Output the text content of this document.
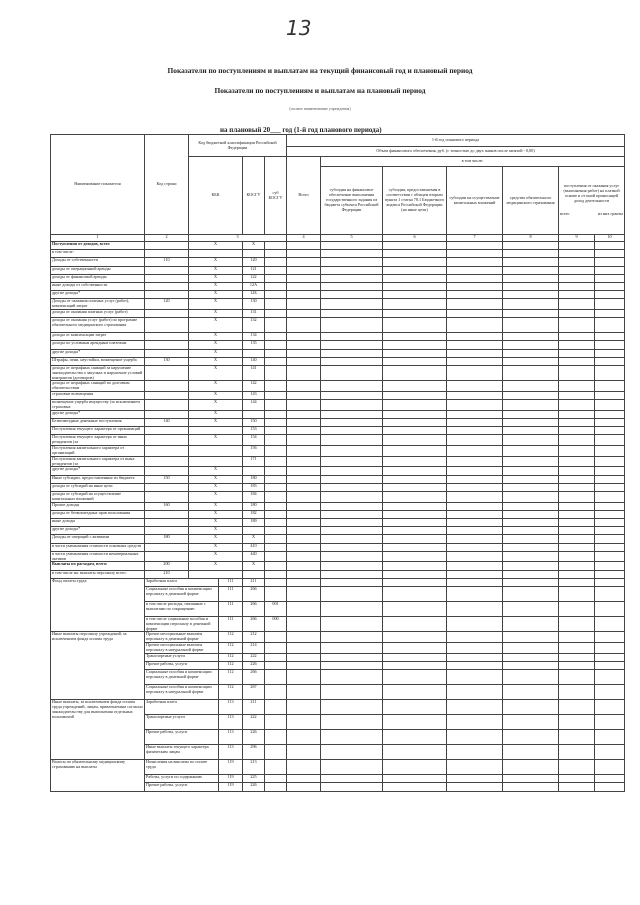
13
Показатели по поступлениям и выплатам на текущий финансовый год и плановый период
Показатели по поступлениям и выплатам на плановый период
(полное наименование учреждения)
на плановый 20___ год (1-й год планового периода)
Наименование показателя	Код строки	Код бюджетной классификации Российской Федерации				1-й год планового периода						
						Объем финансового обеспечения, руб. (с точностью до двух знаков после запятой - 0,00)						
		КБК		КОСГУ	суб КОСГУ	Всего	в том числе:					
							субсидия на финансовое обеспечение выполнения государственного задания из бюджета субъекта Российской Федерации	субсидия, предоставляемая в соответствии с абзацем вторым пункта 1 статьи 78.1 Бюджетного кодекса Российской Федерации (на иные цели)	субсидии на осуществление капитальных вложений	средства обязательного медицинского страхования	поступления от оказания услуг (выполнения работ) на платной основе и от иной приносящей доход деятельности
всего из них гранты	

1	2	3				4	5	6	7	8	9	10
Поступления от доходов, всего		X		X								
в том числе:												
Доходы от собственности	110	X		120								
доходы от операционной аренды		X		121								
доходы от финансовой аренды		X		122								
иные доходы от собственности		X		12А								
другие доходы*		X		12Б								
Доходы от оказания платных услуг (работ), компенсаций затрат	120	X		130								
доходы от оказания платных услуг (работ)		X		131								
доходы от оказания услуг (работ) по программе обязательного медицинского страхования		X		132								
доходы от компенсации затрат		X		134								
доходы по условным арендным платежам		X		135								
другие доходы*		X										
Штрафы, пени, неустойки, возмещение ущерба	130	X		140								
доходы от штрафных санкций за нарушение законодательства о закупках и нарушение условий контрактов (договоров)		X		141								
доходы от штрафных санкций по долговым обязательствам		X		142								
страховые возмещения		X		143								
возмещение ущерба имуществу (за исключением страховых		X		144								
другие доходы*		X										
Безвозмездные денежные поступления	140	X		150								
Поступления текущего характера от организаций				153								
Поступления текущего характера от иных резидентов (за		X		154								
Поступления капитального характера от организаций				156								
Поступления капитального характера от иных резидентов (за				171								
другие доходы*		X										
Иные субсидии, предоставленные из бюджета	150	X		180								
доходы от субсидий на иные цели		X		183								
доходы от субсидий на осуществление капитальных вложений		X		184								
Прочие доходы	160	X		180								
доходы от безвозмездных прав пользования		X		182								
иные доходы		X		189								
другие доходы*		X										
Доходы от операций с активами	180	X		X								
в части уменьшения стоимости основных средств		X		410								
в части уменьшения стоимости нематериальных активов		X		440								
Выплаты по расходам, всего:	200	X		X								
в том числе на: выплаты персоналу всего:	210											
Фонд оплаты труда	Заработная плата		111	211								
	Социальные пособия и компенсации персоналу в денежной форме		111	266								
	в том числе расходы, связанные с выплатами по сокращению		111	266	001							
	в том числе социальные пособия и компенсации персоналу в денежной форме		111	266	000							
Иные выплаты персоналу учреждений, за исключением фонда оплаты труда	Прочие несоциальные выплаты персоналу в денежной форме		112	212								
	Прочие несоциальные выплаты персоналу в натуральной форме		112	214								
	Транспортные услуги		112	222								
	Прочие работы, услуги		112	226								
	Социальные пособия и компенсации персоналу в денежной форме		112	266								
	Социальные пособия и компенсации персоналу в натуральной форме		112	267								
Иные выплаты, за исключением фонда оплаты труда учреждений, лицам, привлекаемым согласно законодательству для выполнения отдельных полномочий	Заработная плата		113	211								
	Транспортные услуги		113	222								
	Прочие работы, услуги		113	226								
	Иные выплаты текущего характера физическим лицам		113	296								
Взносы по обязательному медицинскому страхованию на выплаты	Начисления на выплаты по оплате труда		119	213								
	Работы, услуги по содержанию		119	225								
	Прочие работы, услуги		119	226								
